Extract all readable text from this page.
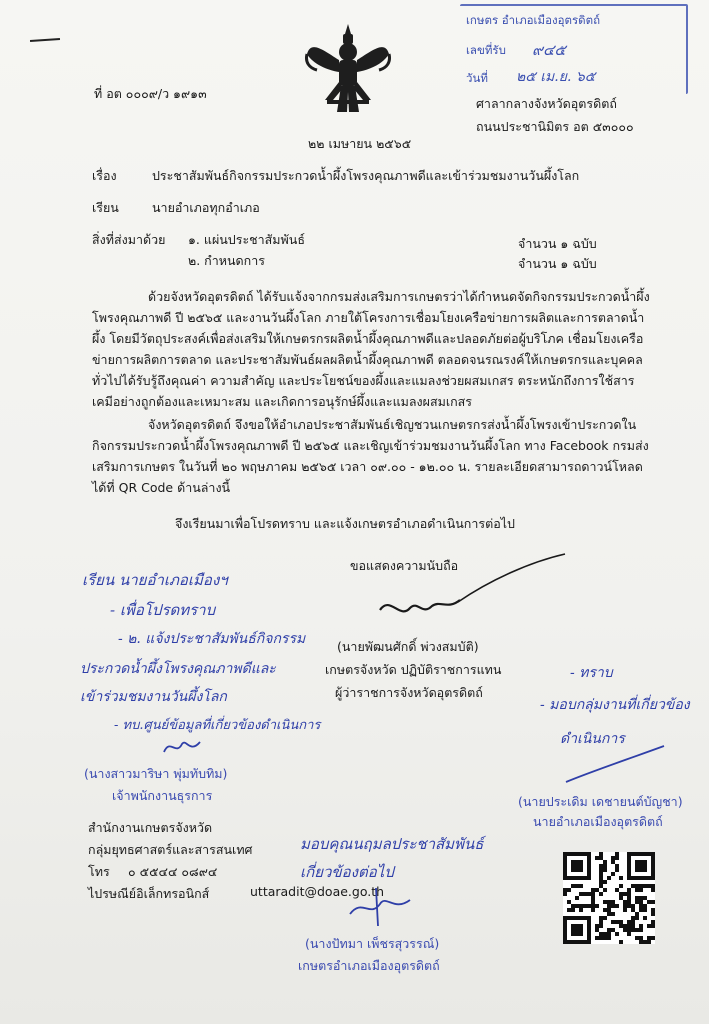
ที่ อต ๐๐๐๙/ว ๑๙๑๓
เกษตร อำเภอเมืองอุตรดิตถ์
เลขที่รับ ๙๔๕
วันที่ ๒๕ เม.ย. ๖๕
ศาลากลางจังหวัดอุตรดิตถ์
ถนนประชานิมิตร อต ๕๓๐๐๐
๒๒ เมษายน ๒๕๖๕
เรื่อง	ประชาสัมพันธ์กิจกรรมประกวดน้ำผึ้งโพรงคุณภาพดีและเข้าร่วมชมงานวันผึ้งโลก
เรียน	นายอำเภอทุกอำเภอ
สิ่งที่ส่งมาด้วย ๑. แผ่นประชาสัมพันธ์	จำนวน ๑ ฉบับ
๒. กำหนดการ	จำนวน ๑ ฉบับ
ด้วยจังหวัดอุตรดิตถ์ ได้รับแจ้งจากกรมส่งเสริมการเกษตรว่าได้กำหนดจัดกิจกรรมประกวดน้ำผึ้งโพรงคุณภาพดี ปี ๒๕๖๕ และงานวันผึ้งโลก ภายใต้โครงการเชื่อมโยงเครือข่ายการผลิตและการตลาดน้ำผึ้ง โดยมีวัตถุประสงค์เพื่อส่งเสริมให้เกษตรกรผลิตน้ำผึ้งคุณภาพดีและปลอดภัยต่อผู้บริโภค เชื่อมโยงเครือข่ายการผลิตการตลาด และประชาสัมพันธ์ผลผลิตน้ำผึ้งคุณภาพดี ตลอดจนรณรงค์ให้เกษตรกรและบุคคลทั่วไปได้รับรู้ถึงคุณค่า ความสำคัญ และประโยชน์ของผึ้งและแมลงช่วยผสมเกสร ตระหนักถึงการใช้สารเคมีอย่างถูกต้องและเหมาะสม และเกิดการอนุรักษ์ผึ้งและแมลงผสมเกสร
จังหวัดอุตรดิตถ์ จึงขอให้อำเภอประชาสัมพันธ์เชิญชวนเกษตรกรส่งน้ำผึ้งโพรงเข้าประกวดในกิจกรรมประกวดน้ำผึ้งโพรงคุณภาพดี ปี ๒๕๖๕ และเชิญเข้าร่วมชมงานวันผึ้งโลก ทาง Facebook กรมส่งเสริมการเกษตร ในวันที่ ๒๐ พฤษภาคม ๒๕๖๕ เวลา ๐๙.๐๐ - ๑๒.๐๐ น. รายละเอียดสามารถดาวน์โหลดได้ที่ QR Code ด้านล่างนี้
จึงเรียนมาเพื่อโปรดทราบ และแจ้งเกษตรอำเภอดำเนินการต่อไป
ขอแสดงความนับถือ
(นายพัฒนศักดิ์ พ่วงสมบัติ)
เกษตรจังหวัด ปฏิบัติราชการแทน
ผู้ว่าราชการจังหวัดอุตรดิตถ์
เรียน นายอำเภอเมืองฯ
- เพื่อโปรดทราบ
- ๒. แจ้งประชาสัมพันธ์กิจกรรม
ประกวดน้ำผึ้งโพรงคุณภาพดีและ
เข้าร่วมชมงานวันผึ้งโลก
- ทบ.ศูนย์ข้อมูลที่เกี่ยวข้องดำเนินการ
(นางสาวมาริษา พุ่มทับทิม)
เจ้าพนักงานธุรการ
- ทราบ
- มอบกลุ่มงานที่เกี่ยวข้อง
ดำเนินการ
(นายประเดิม เดชายนต์บัญชา)
นายอำเภอเมืองอุตรดิตถ์
สำนักงานเกษตรจังหวัด
กลุ่มยุทธศาสตร์และสารสนเทศ
โทร ๐ ๕๕๔๔ ๐๘๙๔
ไปรษณีย์อิเล็กทรอนิกส์	uttaradit@doae.go.th
มอบคุณนฤมลประชาสัมพันธ์
เกี่ยวข้องต่อไป
(นางปัทมา เพ็ชรสุวรรณ์)
เกษตรอำเภอเมืองอุตรดิตถ์
